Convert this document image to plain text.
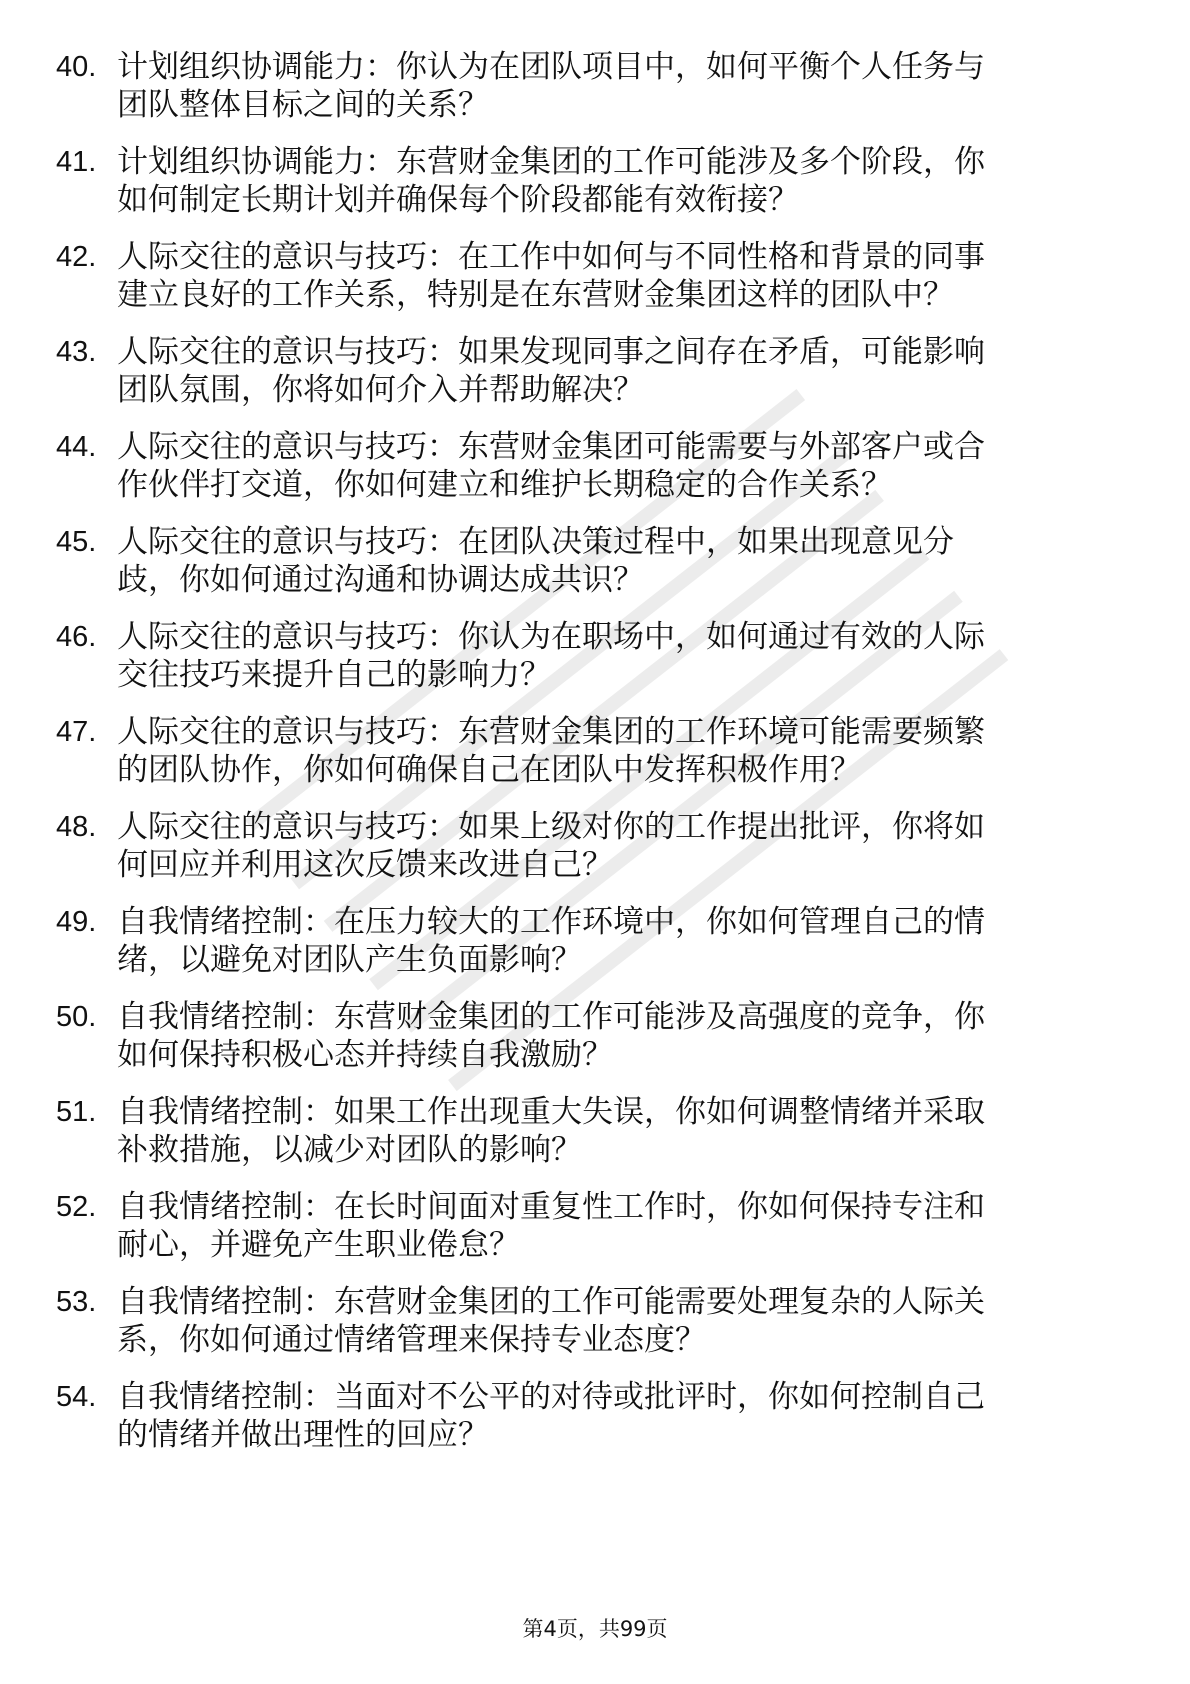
40. 计划组织协调能力：你认为在团队项目中，如何平衡个人任务与
团队整体目标之间的关系？
41. 计划组织协调能力：东营财金集团的工作可能涉及多个阶段，你
如何制定长期计划并确保每个阶段都能有效衔接？
42. 人际交往的意识与技巧：在工作中如何与不同性格和背景的同事
建立良好的工作关系，特别是在东营财金集团这样的团队中？
43. 人际交往的意识与技巧：如果发现同事之间存在矛盾，可能影响
团队氛围，你将如何介入并帮助解决？
44. 人际交往的意识与技巧：东营财金集团可能需要与外部客户或合
作伙伴打交道，你如何建立和维护长期稳定的合作关系？
45. 人际交往的意识与技巧：在团队决策过程中，如果出现意见分
歧，你如何通过沟通和协调达成共识？
46. 人际交往的意识与技巧：你认为在职场中，如何通过有效的人际
交往技巧来提升自己的影响力？
47. 人际交往的意识与技巧：东营财金集团的工作环境可能需要频繁
的团队协作，你如何确保自己在团队中发挥积极作用？
48. 人际交往的意识与技巧：如果上级对你的工作提出批评，你将如
何回应并利用这次反馈来改进自己？
49. 自我情绪控制：在压力较大的工作环境中，你如何管理自己的情
绪，以避免对团队产生负面影响？
50. 自我情绪控制：东营财金集团的工作可能涉及高强度的竞争，你
如何保持积极心态并持续自我激励？
51. 自我情绪控制：如果工作出现重大失误，你如何调整情绪并采取
补救措施，以减少对团队的影响？
52. 自我情绪控制：在长时间面对重复性工作时，你如何保持专注和
耐心，并避免产生职业倦怠？
53. 自我情绪控制：东营财金集团的工作可能需要处理复杂的人际关
系，你如何通过情绪管理来保持专业态度？
54. 自我情绪控制：当面对不公平的对待或批评时，你如何控制自己
的情绪并做出理性的回应？
第4页，共99页
